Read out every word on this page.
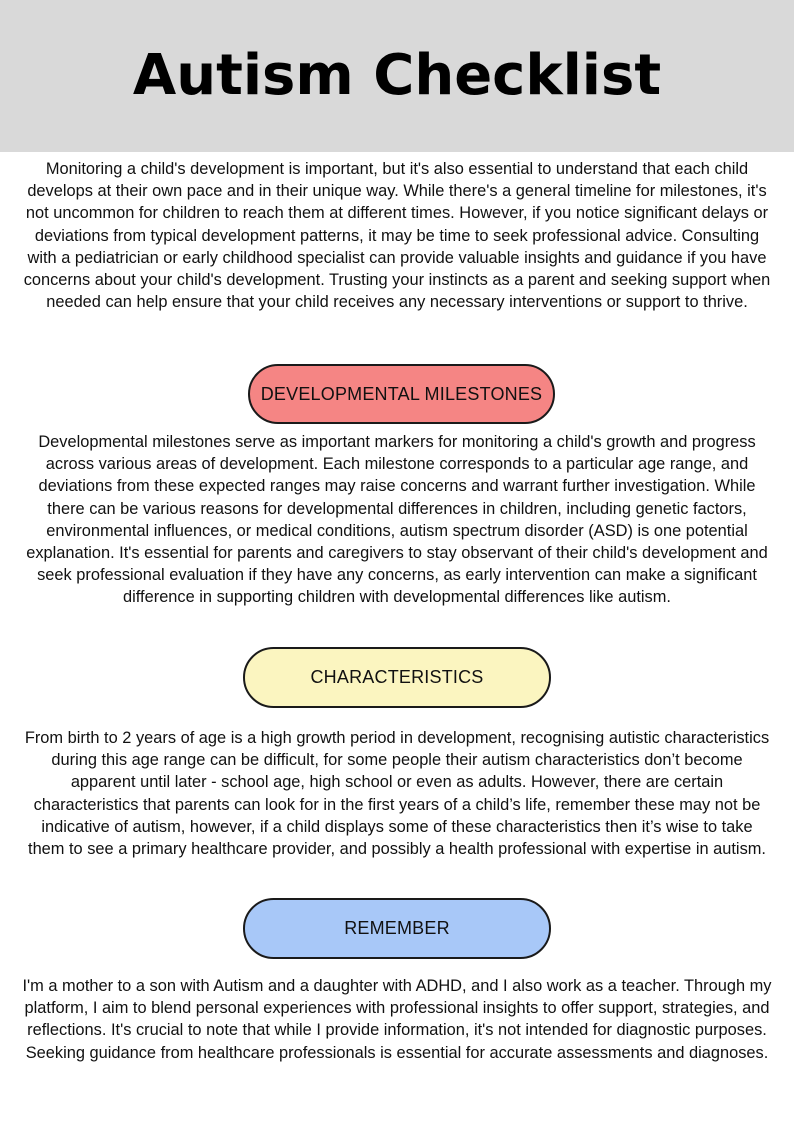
Autism Checklist

Monitoring a child's development is important, but it's also essential to understand that each child develops at their own pace and in their unique way. While there's a general timeline for milestones, it's not uncommon for children to reach them at different times. However, if you notice significant delays or deviations from typical development patterns, it may be time to seek professional advice. Consulting with a pediatrician or early childhood specialist can provide valuable insights and guidance if you have concerns about your child's development. Trusting your instincts as a parent and seeking support when needed can help ensure that your child receives any necessary interventions or support to thrive.

DEVELOPMENTAL MILESTONES

Developmental milestones serve as important markers for monitoring a child's growth and progress across various areas of development. Each milestone corresponds to a particular age range, and deviations from these expected ranges may raise concerns and warrant further investigation. While there can be various reasons for developmental differences in children, including genetic factors, environmental influences, or medical conditions, autism spectrum disorder (ASD) is one potential explanation. It's essential for parents and caregivers to stay observant of their child's development and seek professional evaluation if they have any concerns, as early intervention can make a significant difference in supporting children with developmental differences like autism.

CHARACTERISTICS

From birth to 2 years of age is a high growth period in development, recognising autistic characteristics during this age range can be difficult, for some people their autism characteristics don’t become apparent until later - school age, high school or even as adults. However, there are certain characteristics that parents can look for in the first years of a child’s life, remember these may not be indicative of autism, however, if a child displays some of these characteristics then it’s wise to take them to see a primary healthcare provider, and possibly a health professional with expertise in autism.

REMEMBER

I'm a mother to a son with Autism and a daughter with ADHD, and I also work as a teacher. Through my platform, I aim to blend personal experiences with professional insights to offer support, strategies, and reflections. It's crucial to note that while I provide information, it's not intended for diagnostic purposes. Seeking guidance from healthcare professionals is essential for accurate assessments and diagnoses.
